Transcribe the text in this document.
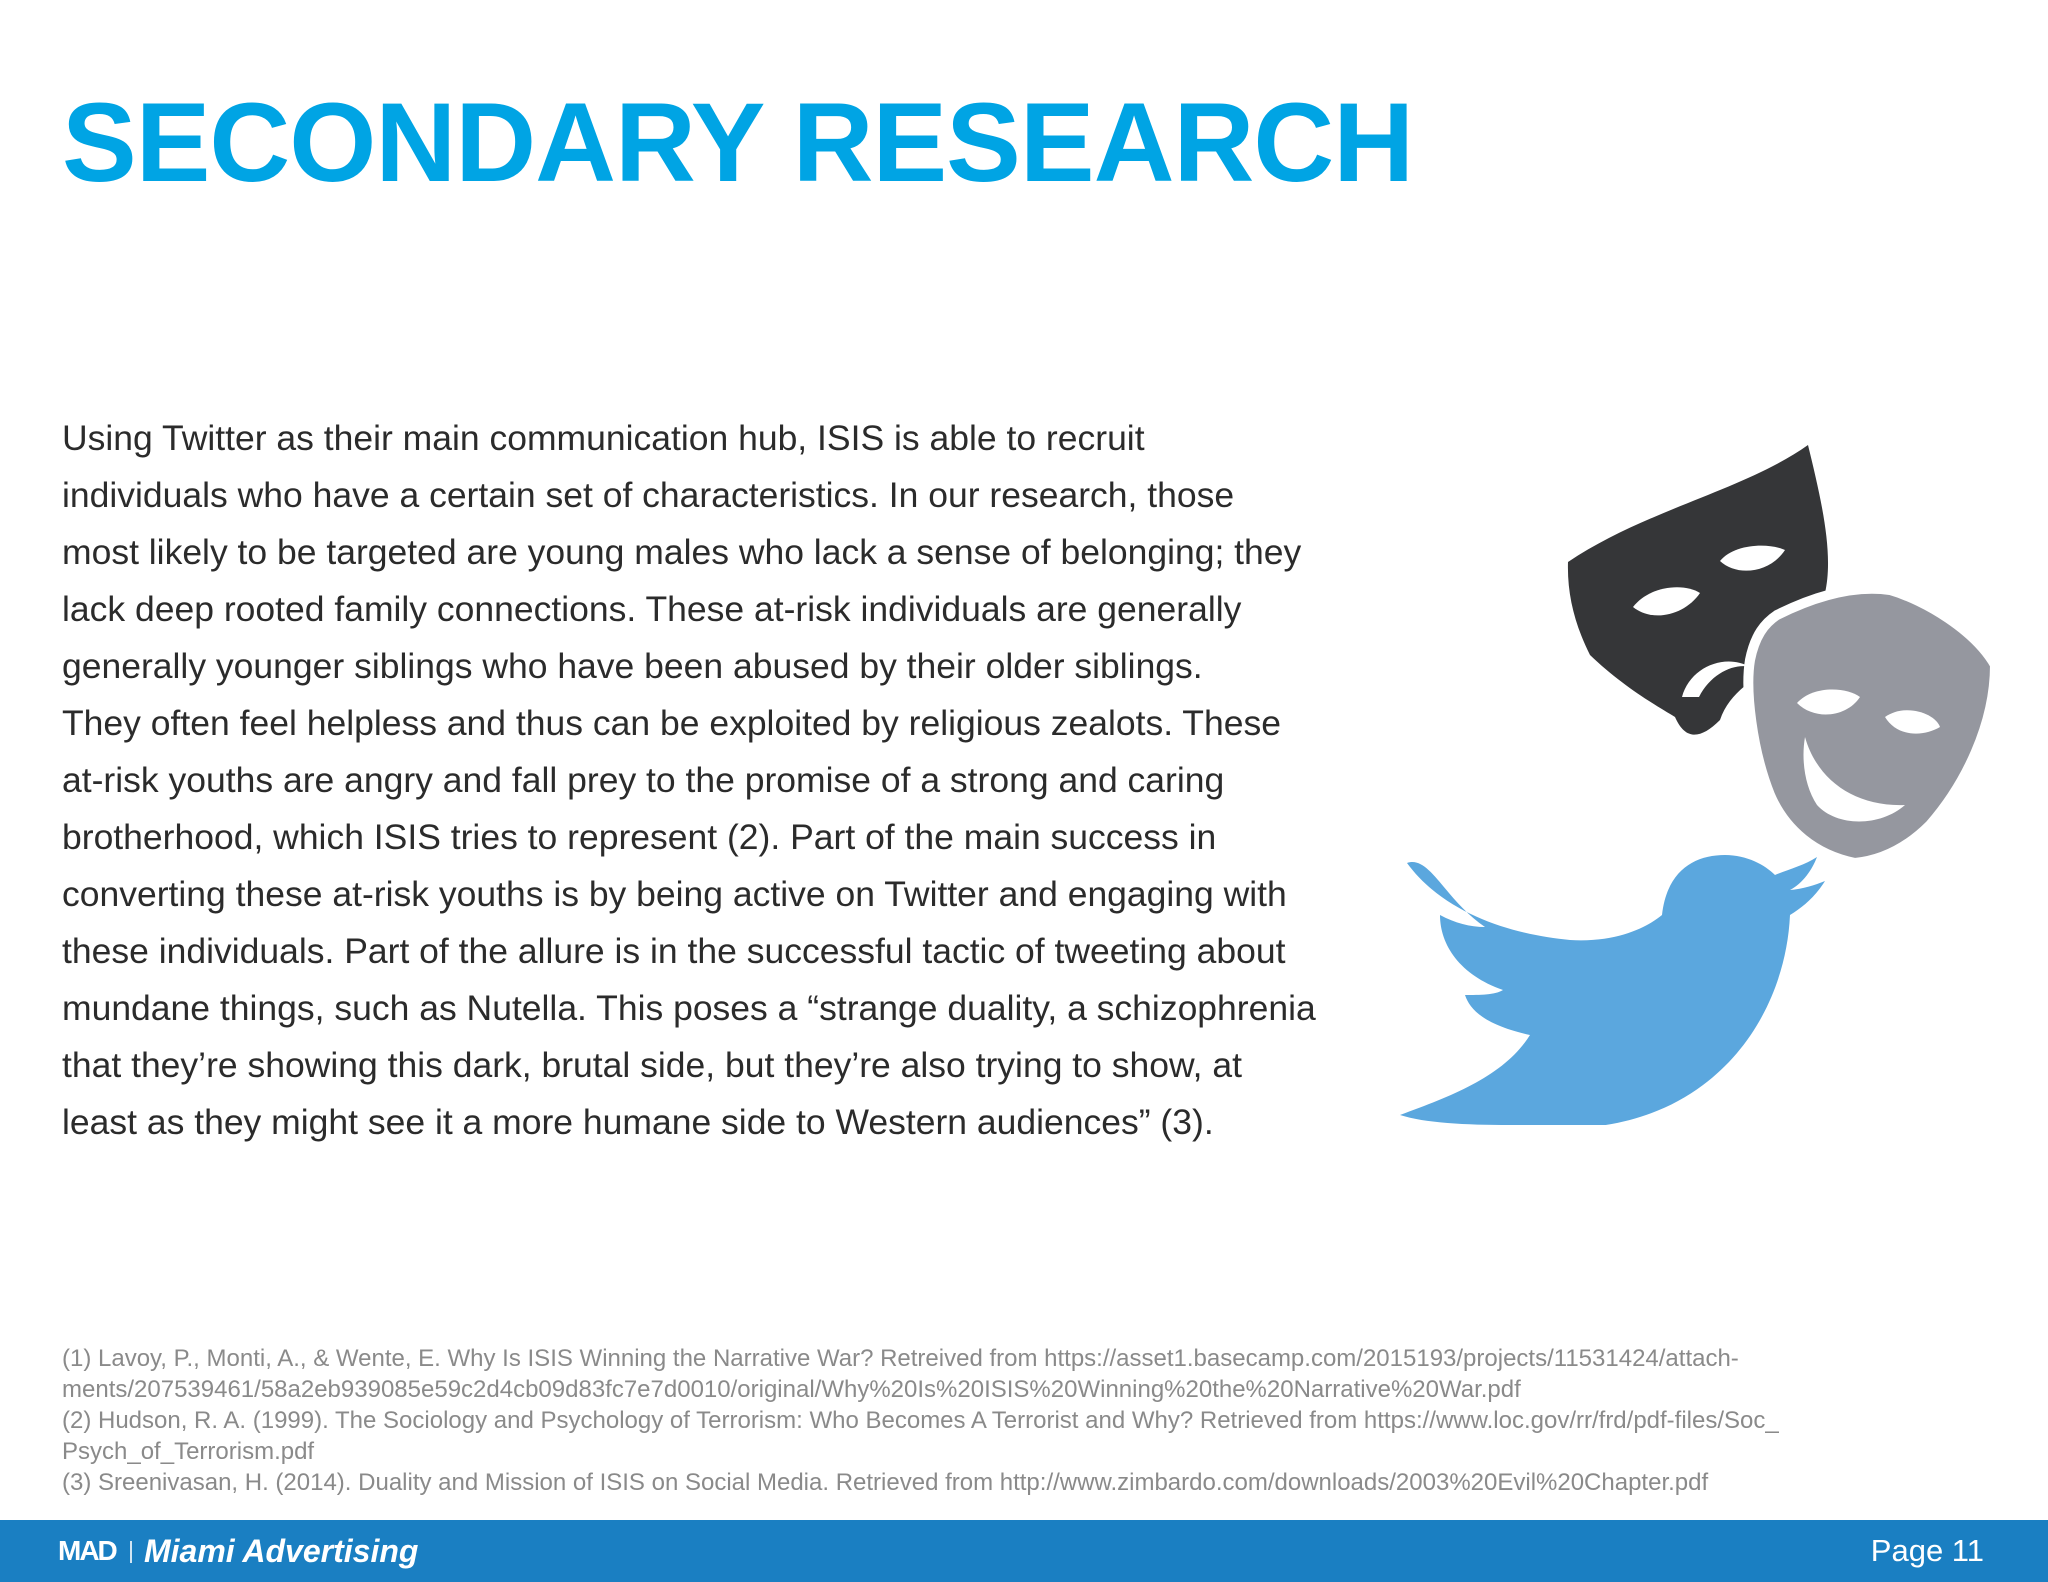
SECONDARY RESEARCH
Using Twitter as their main communication hub, ISIS is able to recruit
individuals who have a certain set of characteristics. In our research, those
most likely to be targeted are young males who lack a sense of belonging; they
lack deep rooted family connections. These at-risk individuals are generally
generally younger siblings who have been abused by their older siblings.
They often feel helpless and thus can be exploited by religious zealots. These
at-risk youths are angry and fall prey to the promise of a strong and caring
brotherhood, which ISIS tries to represent (2). Part of the main success in
converting these at-risk youths is by being active on Twitter and engaging with
these individuals. Part of the allure is in the successful tactic of tweeting about
mundane things, such as Nutella. This poses a “strange duality, a schizophrenia
that they’re showing this dark, brutal side, but they’re also trying to show, at
least as they might see it a more humane side to Western audiences” (3).
(1) Lavoy, P., Monti, A., & Wente, E. Why Is ISIS Winning the Narrative War? Retreived from https://asset1.basecamp.com/2015193/projects/11531424/attach-
ments/207539461/58a2eb939085e59c2d4cb09d83fc7e7d0010/original/Why%20Is%20ISIS%20Winning%20the%20Narrative%20War.pdf
(2) Hudson, R. A. (1999). The Sociology and Psychology of Terrorism: Who Becomes A Terrorist and Why? Retrieved from https://www.loc.gov/rr/frd/pdf-files/Soc_
Psych_of_Terrorism.pdf
(3) Sreenivasan, H. (2014). Duality and Mission of ISIS on Social Media. Retrieved from http://www.zimbardo.com/downloads/2003%20Evil%20Chapter.pdf
MAD Miami Advertising	Page 11
